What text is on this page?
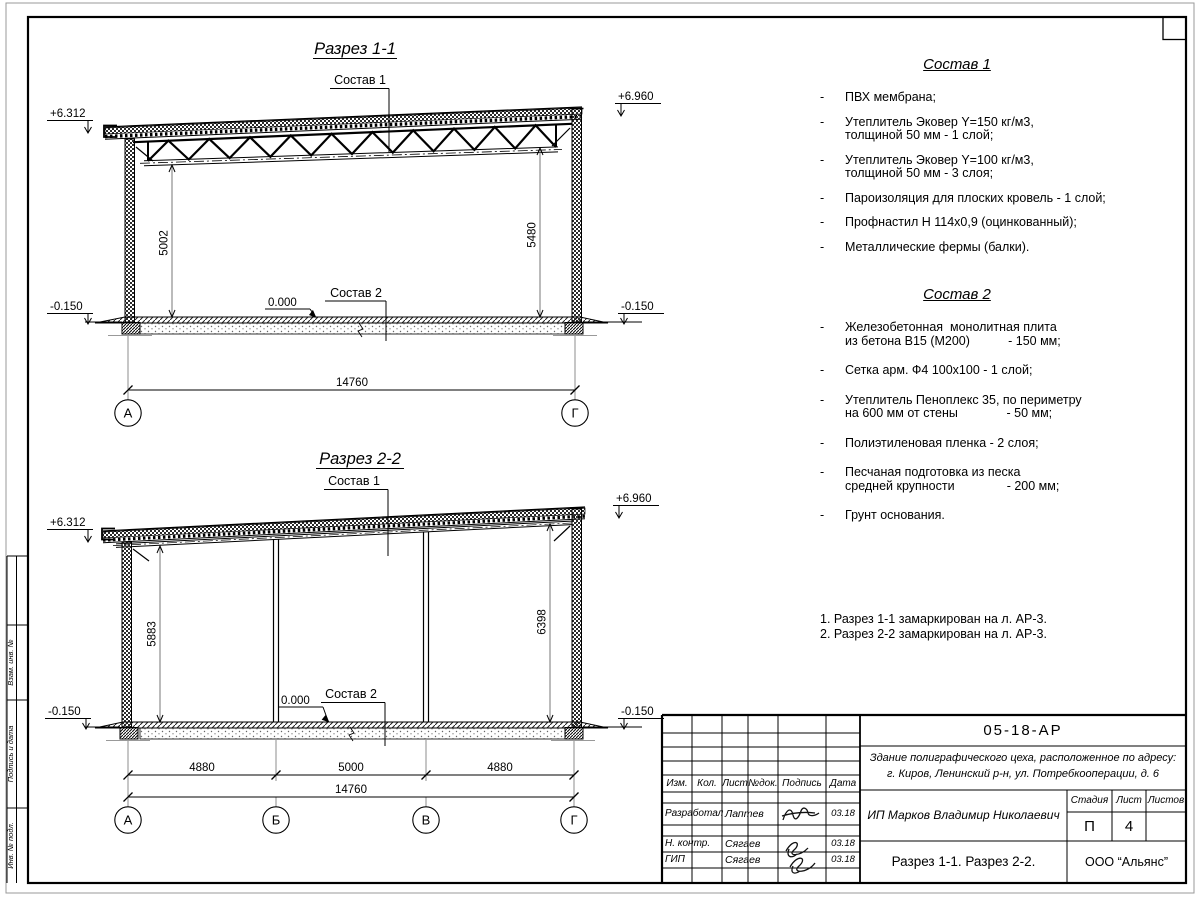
Взам. инв. №
Подпись и дата
Инв. № подл.
Разрез 1-1
Состав 1
Состав 2
+6.312
+6.960
-0.150	-0.150
0.000
5002	5480
14760
А	Г
Разрез 2-2
Состав 1
Состав 2
+6.312
+6.960
-0.150	-0.150
0.000
5883	6398
4880	5000	4880
14760
А	Б	В	Г
Состав 1
-	ПВХ мембрана;
-	Утеплитель Эковер Y=150 кг/м3,
толщиной 50 мм - 1 слой;
-	Утеплитель Эковер Y=100 кг/м3,
толщиной 50 мм - 3 слоя;
-	Пароизоляция для плоских кровель - 1 слой;
-	Профнастил Н 114х0,9 (оцинкованный);
-	Металлические фермы (балки).
Состав 2
-	Железобетонная  монолитная плита
из бетона В15 (М200)           - 150 мм;
-	Сетка арм. Ф4 100х100 - 1 слой;
-	Утеплитель Пеноплекс 35, по периметру
на 600 мм от стены              - 50 мм;
-	Полиэтиленовая пленка - 2 слоя;
-	Песчаная подготовка из песка
средней крупности               - 200 мм;
-	Грунт основания.
1. Разрез 1-1 замаркирован на л. АР-3.
2. Разрез 2-2 замаркирован на л. АР-3.
Изм. Кол. Лист №док. Подпись Дата
Разработал Лаптев	03.18
Н. контр. Сягаев	03.18
ГИП	Сягаев	03.18
05-18-АР
Здание полиграфического цеха, расположенное по адресу:
г. Киров, Ленинский р-н, ул. Потребкооперации, д. 6
ИП Марков Владимир Николаевич
Стадия Лист Листов
П	4
Разрез 1-1. Разрез 2-2.	ООО “Альянс”
